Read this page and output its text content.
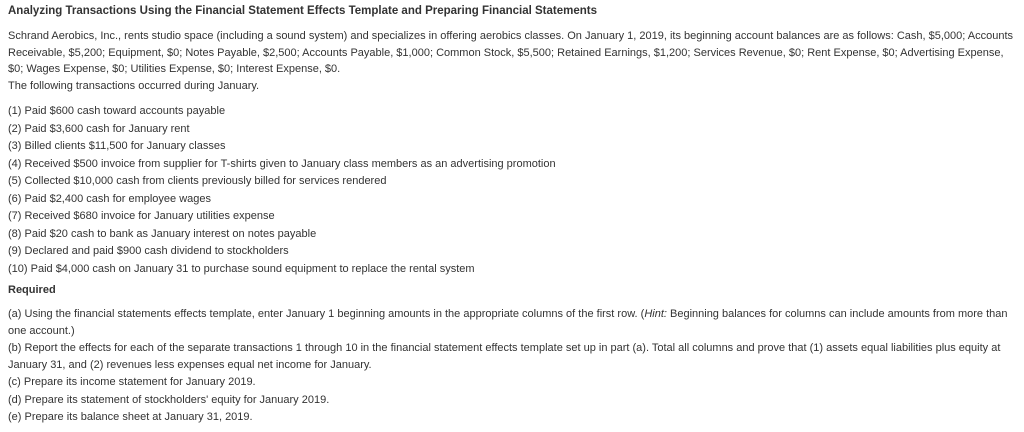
Analyzing Transactions Using the Financial Statement Effects Template and Preparing Financial Statements

Schrand Aerobics, Inc., rents studio space (including a sound system) and specializes in offering aerobics classes. On January 1, 2019, its beginning account balances are as follows: Cash, $5,000; Accounts Receivable, $5,200; Equipment, $0; Notes Payable, $2,500; Accounts Payable, $1,000; Common Stock, $5,500; Retained Earnings, $1,200; Services Revenue, $0; Rent Expense, $0; Advertising Expense, $0; Wages Expense, $0; Utilities Expense, $0; Interest Expense, $0.

The following transactions occurred during January.

(1) Paid $600 cash toward accounts payable
(2) Paid $3,600 cash for January rent
(3) Billed clients $11,500 for January classes
(4) Received $500 invoice from supplier for T-shirts given to January class members as an advertising promotion
(5) Collected $10,000 cash from clients previously billed for services rendered
(6) Paid $2,400 cash for employee wages
(7) Received $680 invoice for January utilities expense
(8) Paid $20 cash to bank as January interest on notes payable
(9) Declared and paid $900 cash dividend to stockholders
(10) Paid $4,000 cash on January 31 to purchase sound equipment to replace the rental system
Required
(a) Using the financial statements effects template, enter January 1 beginning amounts in the appropriate columns of the first row. (Hint: Beginning balances for columns can include amounts from more than one account.)
(b) Report the effects for each of the separate transactions 1 through 10 in the financial statement effects template set up in part (a). Total all columns and prove that (1) assets equal liabilities plus equity at January 31, and (2) revenues less expenses equal net income for January.
(c) Prepare its income statement for January 2019.
(d) Prepare its statement of stockholders' equity for January 2019.
(e) Prepare its balance sheet at January 31, 2019.
